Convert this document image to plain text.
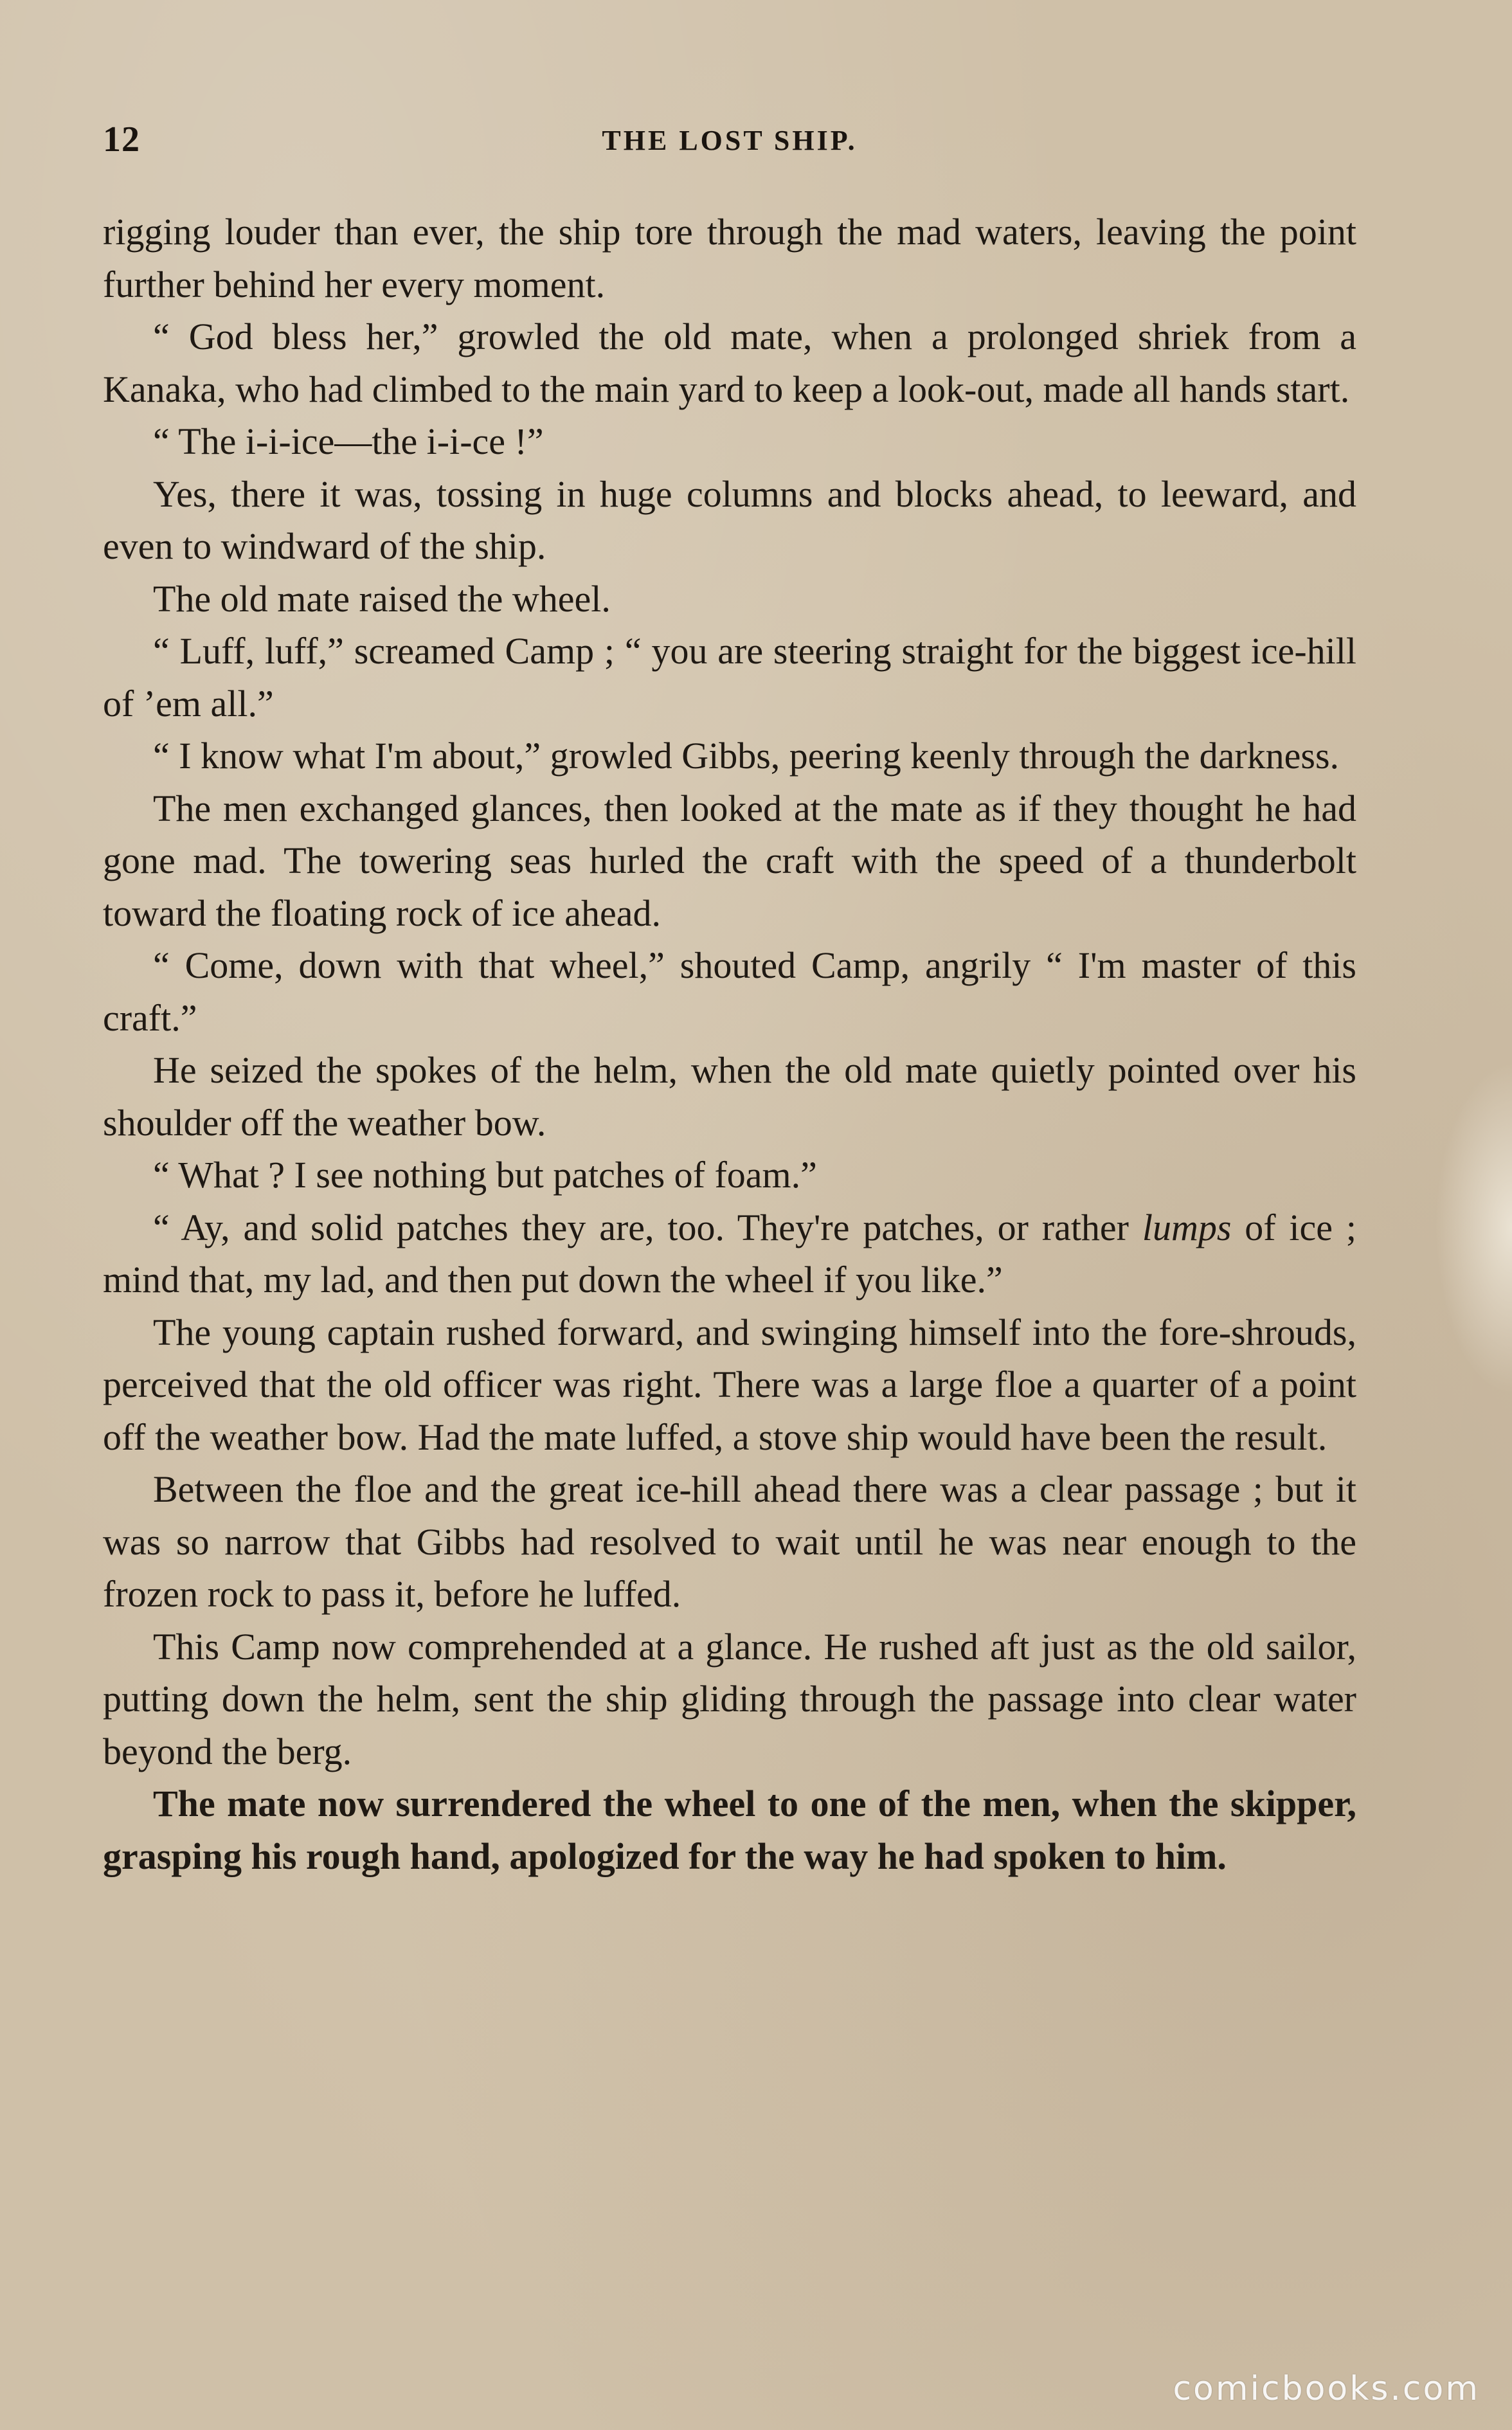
12	THE LOST SHIP.

rigging louder than ever, the ship tore through the mad waters, leaving the point further behind her every moment.

“ God bless her,” growled the old mate, when a prolonged shriek from a Kanaka, who had climbed to the main yard to keep a look-out, made all hands start.

“ The i-i-ice—the i-i-ce !”

Yes, there it was, tossing in huge columns and blocks ahead, to leeward, and even to windward of the ship.

The old mate raised the wheel.

“ Luff, luff,” screamed Camp ; “ you are steering straight for the biggest ice-hill of ’em all.”

“ I know what I'm about,” growled Gibbs, peering keenly through the darkness.

The men exchanged glances, then looked at the mate as if they thought he had gone mad. The towering seas hurled the craft with the speed of a thunderbolt toward the floating rock of ice ahead.

“ Come, down with that wheel,” shouted Camp, angrily “ I'm master of this craft.”

He seized the spokes of the helm, when the old mate quietly pointed over his shoulder off the weather bow.

“ What ? I see nothing but patches of foam.”

“ Ay, and solid patches they are, too. They're patches, or rather lumps of ice ; mind that, my lad, and then put down the wheel if you like.”

The young captain rushed forward, and swinging himself into the fore-shrouds, perceived that the old officer was right. There was a large floe a quarter of a point off the weather bow. Had the mate luffed, a stove ship would have been the result.

Between the floe and the great ice-hill ahead there was a clear passage ; but it was so narrow that Gibbs had resolved to wait until he was near enough to the frozen rock to pass it, before he luffed.

This Camp now comprehended at a glance. He rushed aft just as the old sailor, putting down the helm, sent the ship gliding through the passage into clear water beyond the berg.

The mate now surrendered the wheel to one of the men, when the skipper, grasping his rough hand, apologized for the way he had spoken to him.

comicbooks.com
